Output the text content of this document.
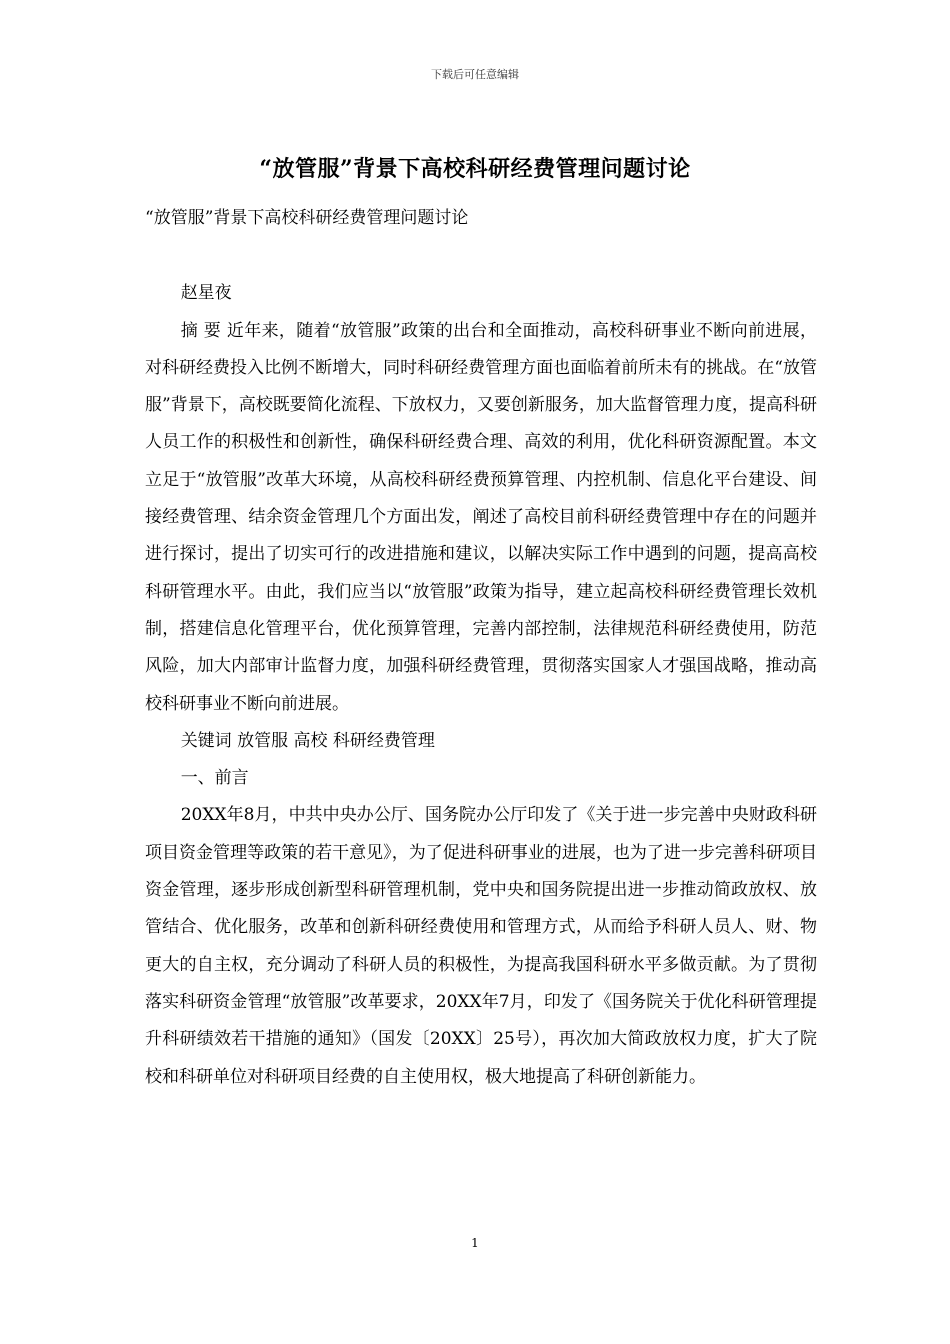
下载后可任意编辑
“放管服”背景下高校科研经费管理问题讨论

“放管服”背景下高校科研经费管理问题讨论

赵星夜

摘 要 近年来，随着“放管服”政策的出台和全面推动，高校科研事业不断向前进展，对科研经费投入比例不断增大，同时科研经费管理方面也面临着前所未有的挑战。在“放管服”背景下，高校既要简化流程、下放权力，又要创新服务，加大监督管理力度，提高科研人员工作的积极性和创新性，确保科研经费合理、高效的利用，优化科研资源配置。本文立足于“放管服”改革大环境，从高校科研经费预算管理、内控机制、信息化平台建设、间接经费管理、结余资金管理几个方面出发，阐述了高校目前科研经费管理中存在的问题并进行探讨，提出了切实可行的改进措施和建议，以解决实际工作中遇到的问题，提高高校科研管理水平。由此，我们应当以“放管服”政策为指导，建立起高校科研经费管理长效机制，搭建信息化管理平台，优化预算管理，完善内部控制，法律规范科研经费使用，防范风险，加大内部审计监督力度，加强科研经费管理，贯彻落实国家人才强国战略，推动高校科研事业不断向前进展。

关键词 放管服 高校 科研经费管理

一、前言

20XX年8月，中共中央办公厅、国务院办公厅印发了《关于进一步完善中央财政科研项目资金管理等政策的若干意见》，为了促进科研事业的进展，也为了进一步完善科研项目资金管理，逐步形成创新型科研管理机制，党中央和国务院提出进一步推动简政放权、放管结合、优化服务，改革和创新科研经费使用和管理方式，从而给予科研人员人、财、物更大的自主权，充分调动了科研人员的积极性，为提高我国科研水平多做贡献。为了贯彻落实科研资金管理“放管服”改革要求，20XX年7月，印发了《国务院关于优化科研管理提升科研绩效若干措施的通知》（国发〔20XX〕25号），再次加大简政放权力度，扩大了院校和科研单位对科研项目经费的自主使用权，极大地提高了科研创新能力。

1
